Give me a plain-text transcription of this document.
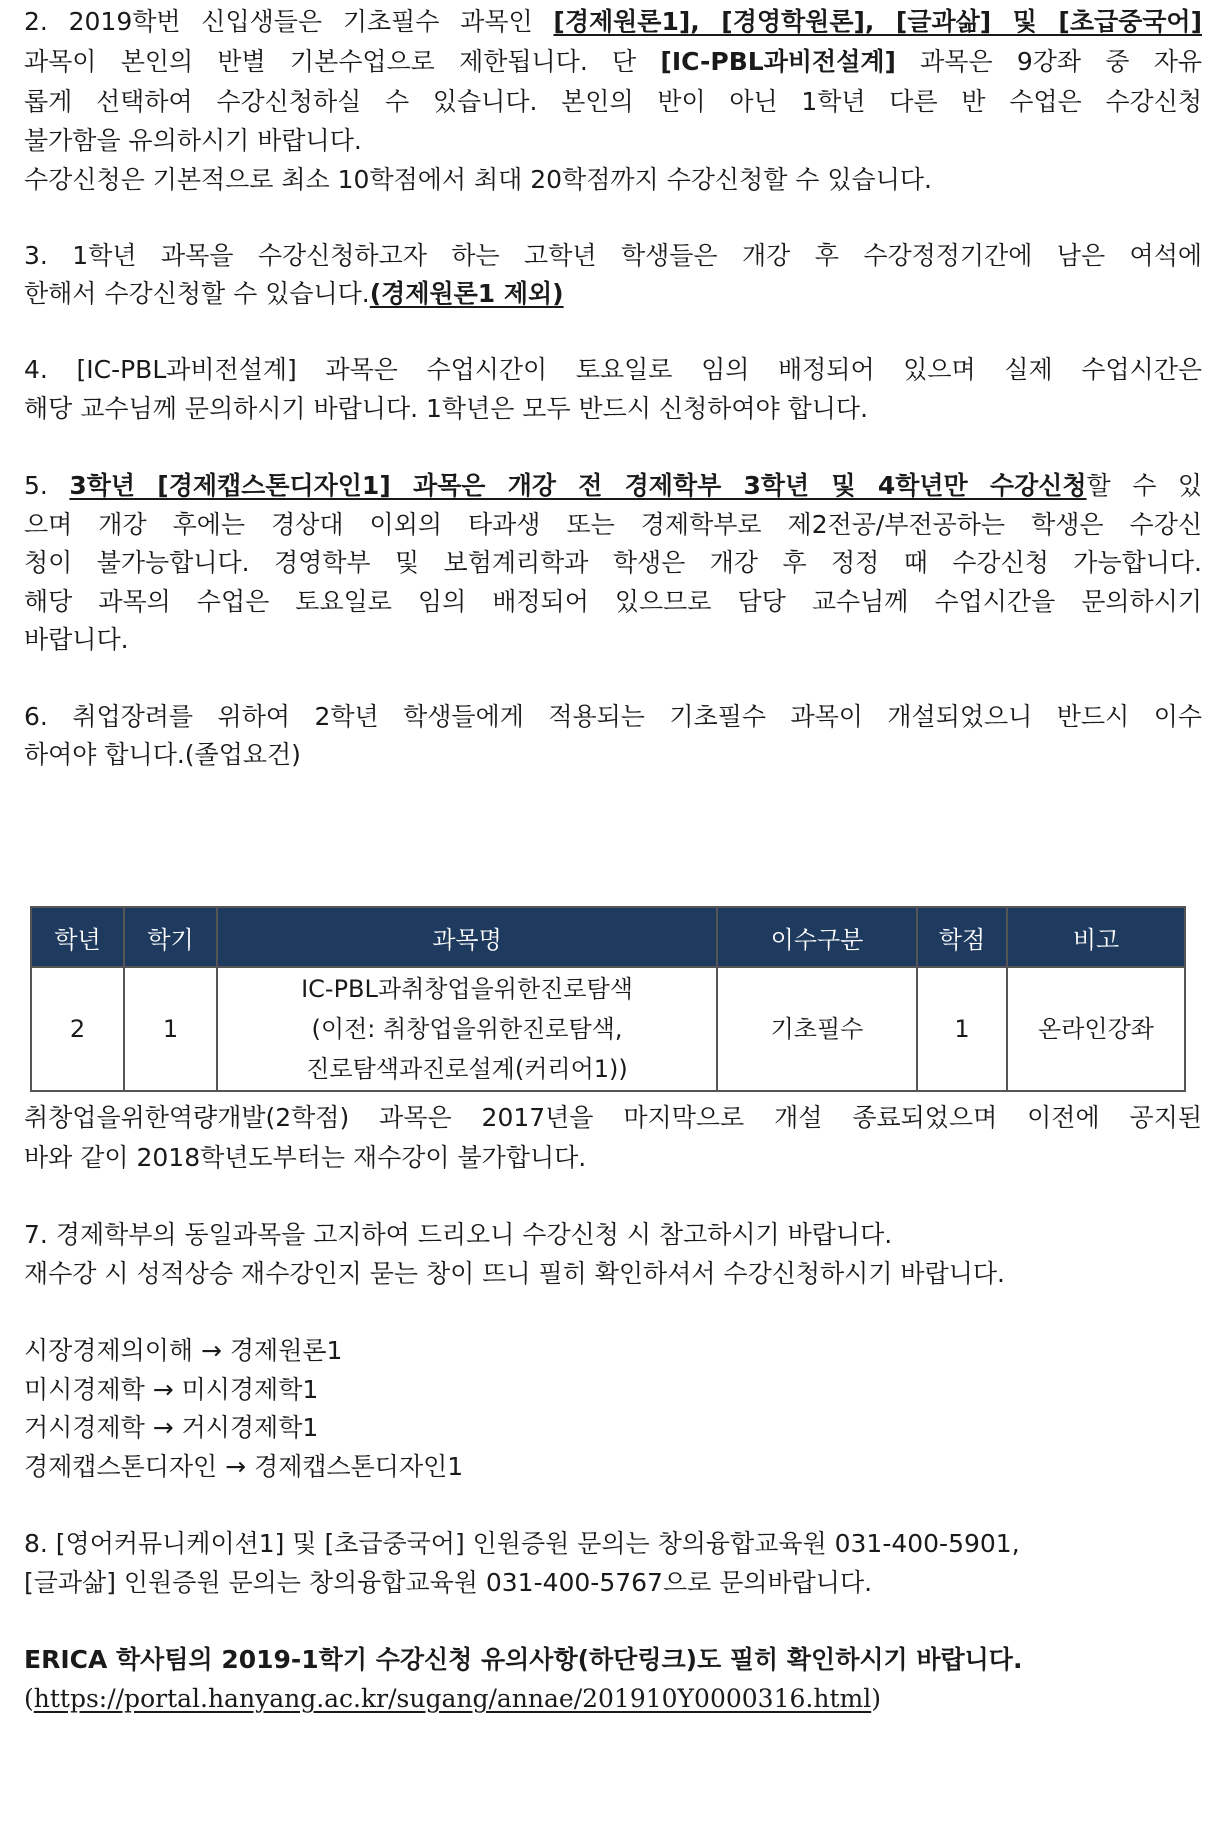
2. 2019학번 신입생들은 기초필수 과목인 [경제원론1], [경영학원론], [글과삶] 및 [초급중국어]
과목이 본인의 반별 기본수업으로 제한됩니다. 단 [IC-PBL과비전설계] 과목은 9강좌 중 자유
롭게 선택하여 수강신청하실 수 있습니다. 본인의 반이 아닌 1학년 다른 반 수업은 수강신청
불가함을 유의하시기 바랍니다.
수강신청은 기본적으로 최소 10학점에서 최대 20학점까지 수강신청할 수 있습니다.
3. 1학년 과목을 수강신청하고자 하는 고학년 학생들은 개강 후 수강정정기간에 남은 여석에
한해서 수강신청할 수 있습니다.(경제원론1 제외)
4. [IC-PBL과비전설계] 과목은 수업시간이 토요일로 임의 배정되어 있으며 실제 수업시간은
해당 교수님께 문의하시기 바랍니다. 1학년은 모두 반드시 신청하여야 합니다.
5. 3학년 [경제캡스톤디자인1] 과목은 개강 전 경제학부 3학년 및 4학년만 수강신청할 수 있
으며 개강 후에는 경상대 이외의 타과생 또는 경제학부로 제2전공/부전공하는 학생은 수강신
청이 불가능합니다. 경영학부 및 보험계리학과 학생은 개강 후 정정 때 수강신청 가능합니다.
해당 과목의 수업은 토요일로 임의 배정되어 있으므로 담당 교수님께 수업시간을 문의하시기
바랍니다.
6. 취업장려를 위하여 2학년 학생들에게 적용되는 기초필수 과목이 개설되었으니 반드시 이수
하여야 합니다.(졸업요건)
학년	학기	과목명	이수구분	학점	비고
2	1	IC-PBL과취창업을위한진로탐색
(이전: 취창업을위한진로탐색,
진로탐색과진로설계(커리어1))	기초필수	1	온라인강좌
취창업을위한역량개발(2학점) 과목은 2017년을 마지막으로 개설 종료되었으며 이전에 공지된
바와 같이 2018학년도부터는 재수강이 불가합니다.
7. 경제학부의 동일과목을 고지하여 드리오니 수강신청 시 참고하시기 바랍니다.
재수강 시 성적상승 재수강인지 묻는 창이 뜨니 필히 확인하셔서 수강신청하시기 바랍니다.
시장경제의이해 → 경제원론1
미시경제학 → 미시경제학1
거시경제학 → 거시경제학1
경제캡스톤디자인 → 경제캡스톤디자인1
8. [영어커뮤니케이션1] 및 [초급중국어] 인원증원 문의는 창의융합교육원 031-400-5901,
[글과삶] 인원증원 문의는 창의융합교육원 031-400-5767으로 문의바랍니다.
ERICA 학사팀의 2019-1학기 수강신청 유의사항(하단링크)도 필히 확인하시기 바랍니다.
(https://portal.hanyang.ac.kr/sugang/annae/201910Y0000316.html)
